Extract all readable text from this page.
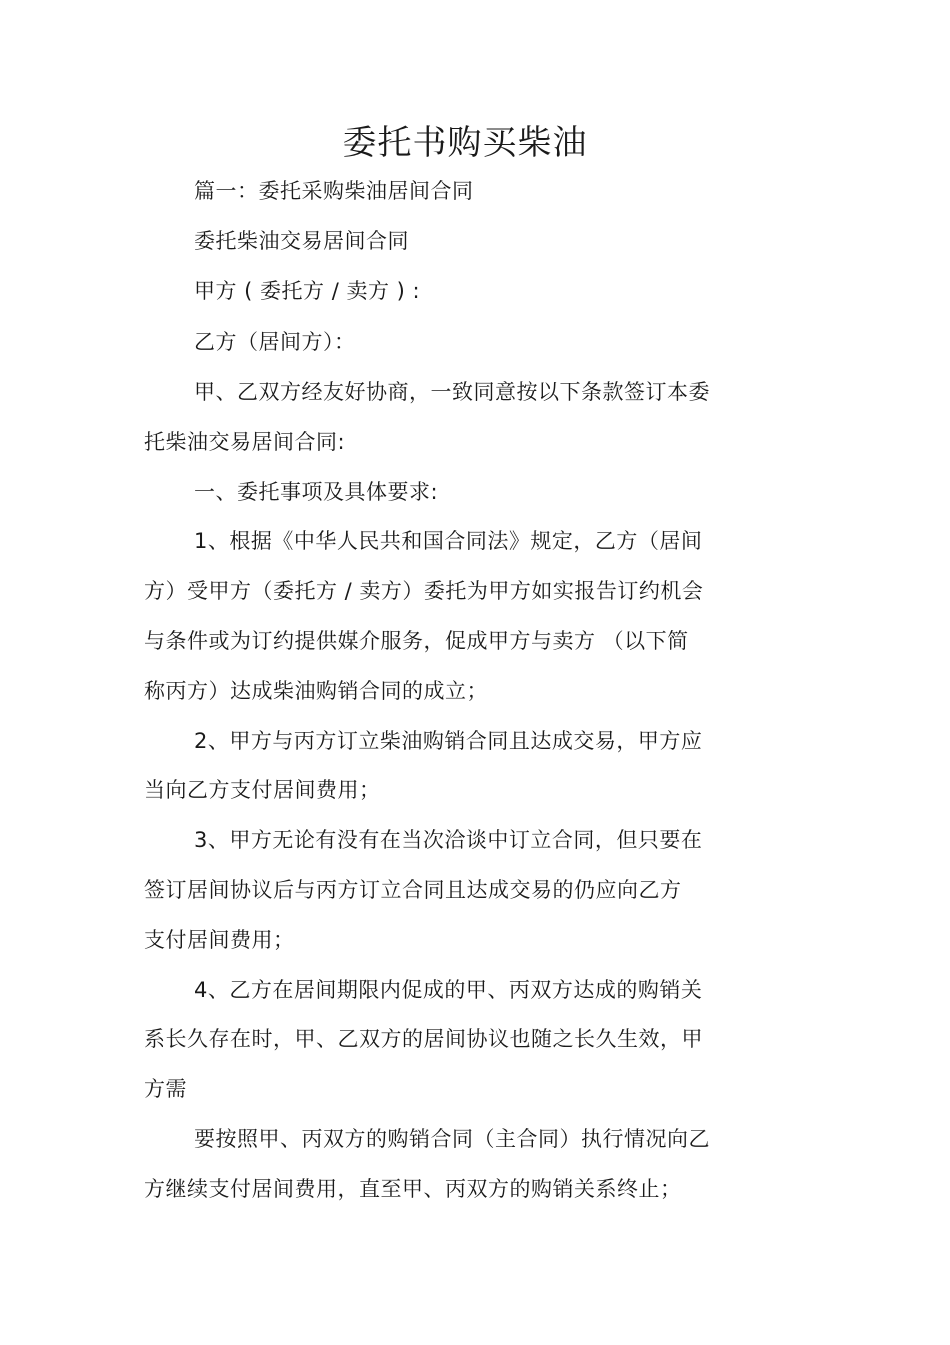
委托书购买柴油
篇一：委托采购柴油居间合同
委托柴油交易居间合同
甲方 ( 委托方 / 卖方 ) :
乙方（居间方）：
甲、乙双方经友好协商，一致同意按以下条款签订本委
托柴油交易居间合同:
一、委托事项及具体要求:
1、根据《中华人民共和国合同法》规定，乙方（居间
方）受甲方（委托方 / 卖方）委托为甲方如实报告订约机会
与条件或为订约提供媒介服务，促成甲方与卖方 （以下简
称丙方）达成柴油购销合同的成立；
2、甲方与丙方订立柴油购销合同且达成交易，甲方应
当向乙方支付居间费用；
3、甲方无论有没有在当次洽谈中订立合同，但只要在
签订居间协议后与丙方订立合同且达成交易的仍应向乙方
支付居间费用；
4、乙方在居间期限内促成的甲、丙双方达成的购销关
系长久存在时，甲、乙双方的居间协议也随之长久生效，甲
方需
要按照甲、丙双方的购销合同（主合同）执行情况向乙
方继续支付居间费用，直至甲、丙双方的购销关系终止；
